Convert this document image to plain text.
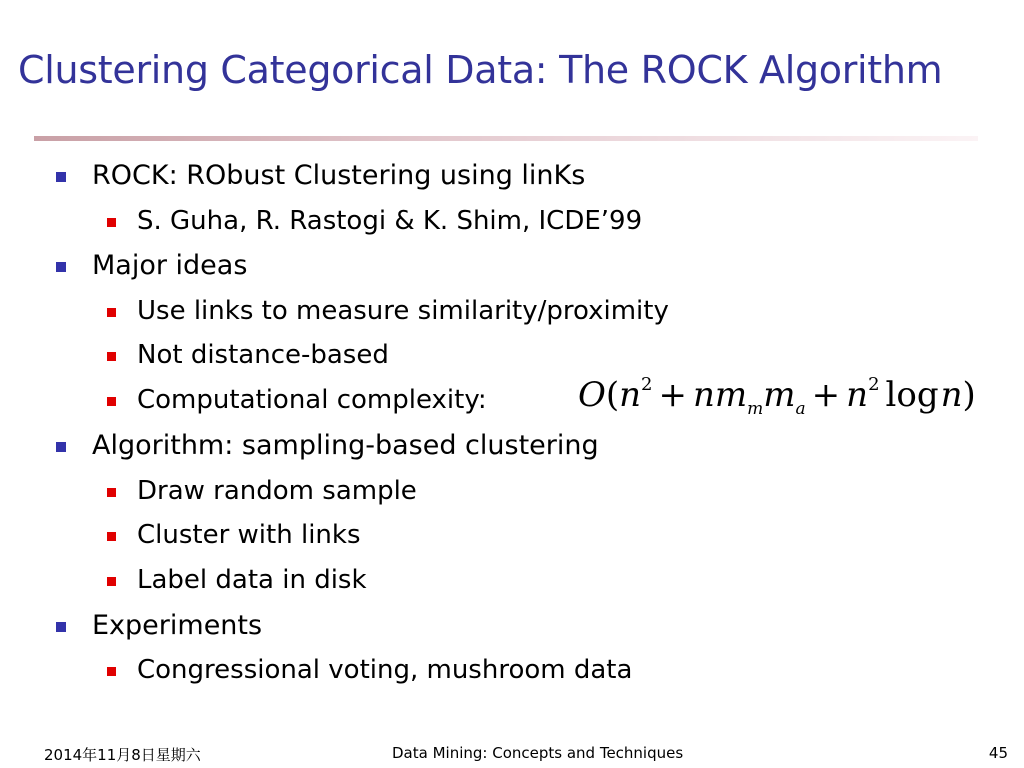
Clustering Categorical Data: The ROCK Algorithm
ROCK: RObust Clustering using linKs
S. Guha, R. Rastogi & K. Shim, ICDE’99
Major ideas
Use links to measure similarity/proximity
Not distance-based
Computational complexity:
Algorithm: sampling-based clustering
Draw random sample
Cluster with links
Label data in disk
Experiments
Congressional voting, mushroom data
$O(n^2 + nm_mm_a + n^2$ logn)
2014年11月8日星期六	Data Mining: Concepts and Techniques	45
